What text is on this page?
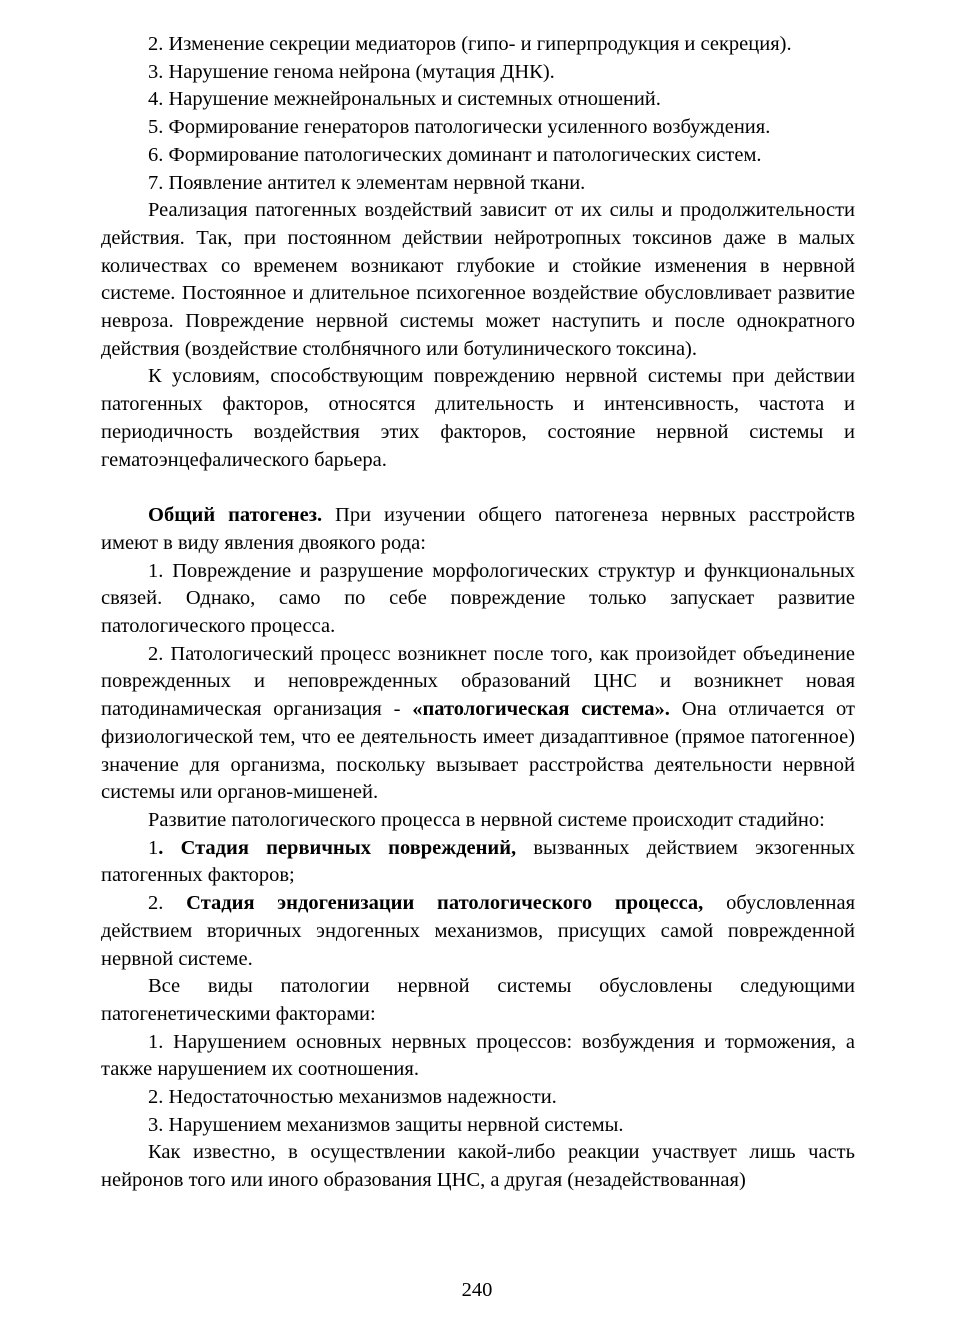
2. Изменение секреции медиаторов (гипо- и гиперпродукция и секреция).

3. Нарушение генома нейрона (мутация ДНК).

4. Нарушение межнейрональных и системных отношений.

5. Формирование генераторов патологически усиленного возбуждения.

6. Формирование патологических доминант и патологических систем.

7. Появление антител к элементам нервной ткани.

Реализация патогенных воздействий зависит от их силы и продолжительности действия. Так, при постоянном действии нейротропных токсинов даже в малых количествах со временем возникают глубокие и стойкие изменения в нервной системе. Постоянное и длительное психогенное воздействие обусловливает развитие невроза. Повреждение нервной системы может наступить и после однократного действия (воздействие столбнячного или ботулинического токсина).

К условиям, способствующим повреждению нервной системы при действии патогенных факторов, относятся длительность и интенсивность, частота и периодичность воздействия этих факторов, состояние нервной системы и гематоэнцефалического барьера.

Общий патогенез. При изучении общего патогенеза нервных расстройств имеют в виду явления двоякого рода:

1. Повреждение и разрушение морфологических структур и функциональных связей. Однако, само по себе повреждение только запускает развитие патологического процесса.

2. Патологический процесс возникнет после того, как произойдет объединение поврежденных и неповрежденных образований ЦНС и возникнет новая патодинамическая организация - «патологическая система». Она отличается от физиологической тем, что ее деятельность имеет дизадаптивное (прямое патогенное) значение для организма, поскольку вызывает расстройства деятельности нервной системы или органов-мишеней.

Развитие патологического процесса в нервной системе происходит стадийно:

1. Стадия первичных повреждений, вызванных действием экзогенных патогенных факторов;

2. Стадия эндогенизации патологического процесса, обусловленная действием вторичных эндогенных механизмов, присущих самой поврежденной нервной системе.

Все виды патологии нервной системы обусловлены следующими патогенетическими факторами:

1. Нарушением основных нервных процессов: возбуждения и торможения, а также нарушением их соотношения.

2. Недостаточностью механизмов надежности.

3. Нарушением механизмов защиты нервной системы.

Как известно, в осуществлении какой-либо реакции участвует лишь часть нейронов того или иного образования ЦНС, а другая (незадействованная)

240
